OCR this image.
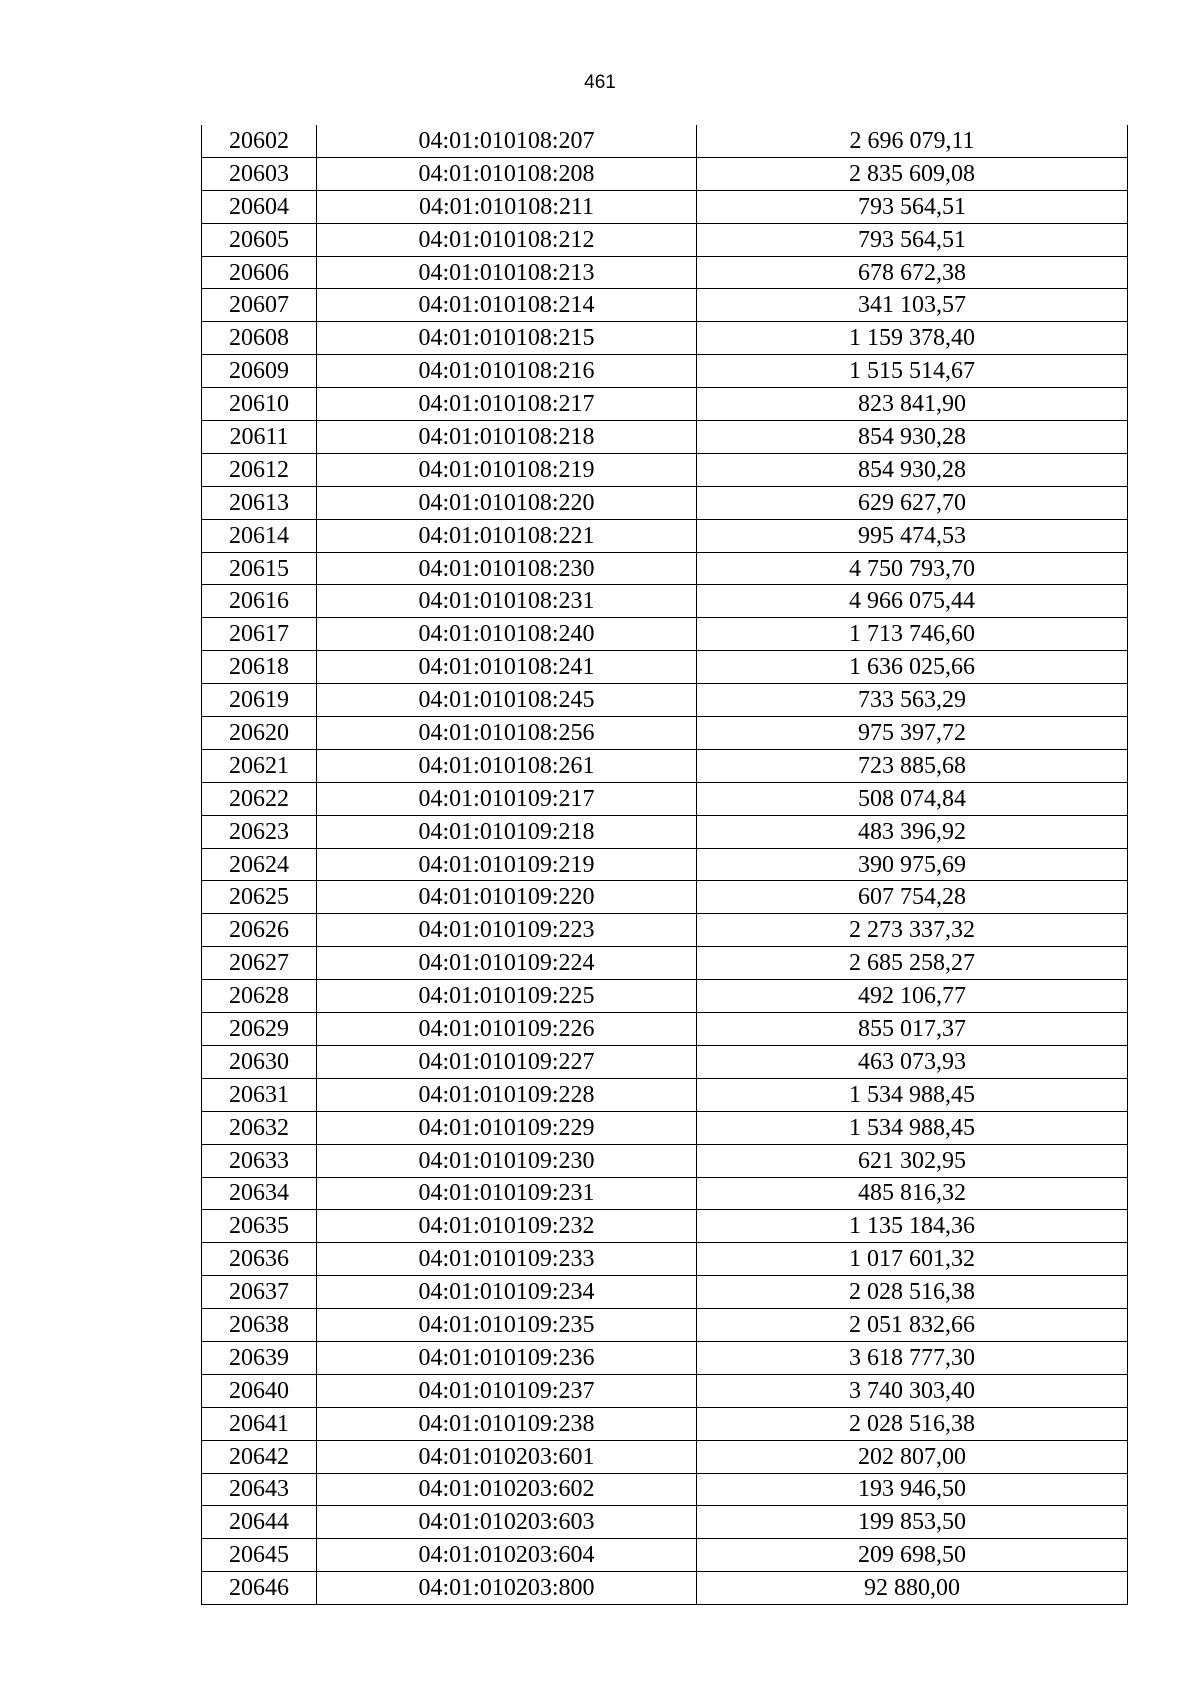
461
20602	04:01:010108:207	2 696 079,11
20603	04:01:010108:208	2 835 609,08
20604	04:01:010108:211	793 564,51
20605	04:01:010108:212	793 564,51
20606	04:01:010108:213	678 672,38
20607	04:01:010108:214	341 103,57
20608	04:01:010108:215	1 159 378,40
20609	04:01:010108:216	1 515 514,67
20610	04:01:010108:217	823 841,90
20611	04:01:010108:218	854 930,28
20612	04:01:010108:219	854 930,28
20613	04:01:010108:220	629 627,70
20614	04:01:010108:221	995 474,53
20615	04:01:010108:230	4 750 793,70
20616	04:01:010108:231	4 966 075,44
20617	04:01:010108:240	1 713 746,60
20618	04:01:010108:241	1 636 025,66
20619	04:01:010108:245	733 563,29
20620	04:01:010108:256	975 397,72
20621	04:01:010108:261	723 885,68
20622	04:01:010109:217	508 074,84
20623	04:01:010109:218	483 396,92
20624	04:01:010109:219	390 975,69
20625	04:01:010109:220	607 754,28
20626	04:01:010109:223	2 273 337,32
20627	04:01:010109:224	2 685 258,27
20628	04:01:010109:225	492 106,77
20629	04:01:010109:226	855 017,37
20630	04:01:010109:227	463 073,93
20631	04:01:010109:228	1 534 988,45
20632	04:01:010109:229	1 534 988,45
20633	04:01:010109:230	621 302,95
20634	04:01:010109:231	485 816,32
20635	04:01:010109:232	1 135 184,36
20636	04:01:010109:233	1 017 601,32
20637	04:01:010109:234	2 028 516,38
20638	04:01:010109:235	2 051 832,66
20639	04:01:010109:236	3 618 777,30
20640	04:01:010109:237	3 740 303,40
20641	04:01:010109:238	2 028 516,38
20642	04:01:010203:601	202 807,00
20643	04:01:010203:602	193 946,50
20644	04:01:010203:603	199 853,50
20645	04:01:010203:604	209 698,50
20646	04:01:010203:800	92 880,00
